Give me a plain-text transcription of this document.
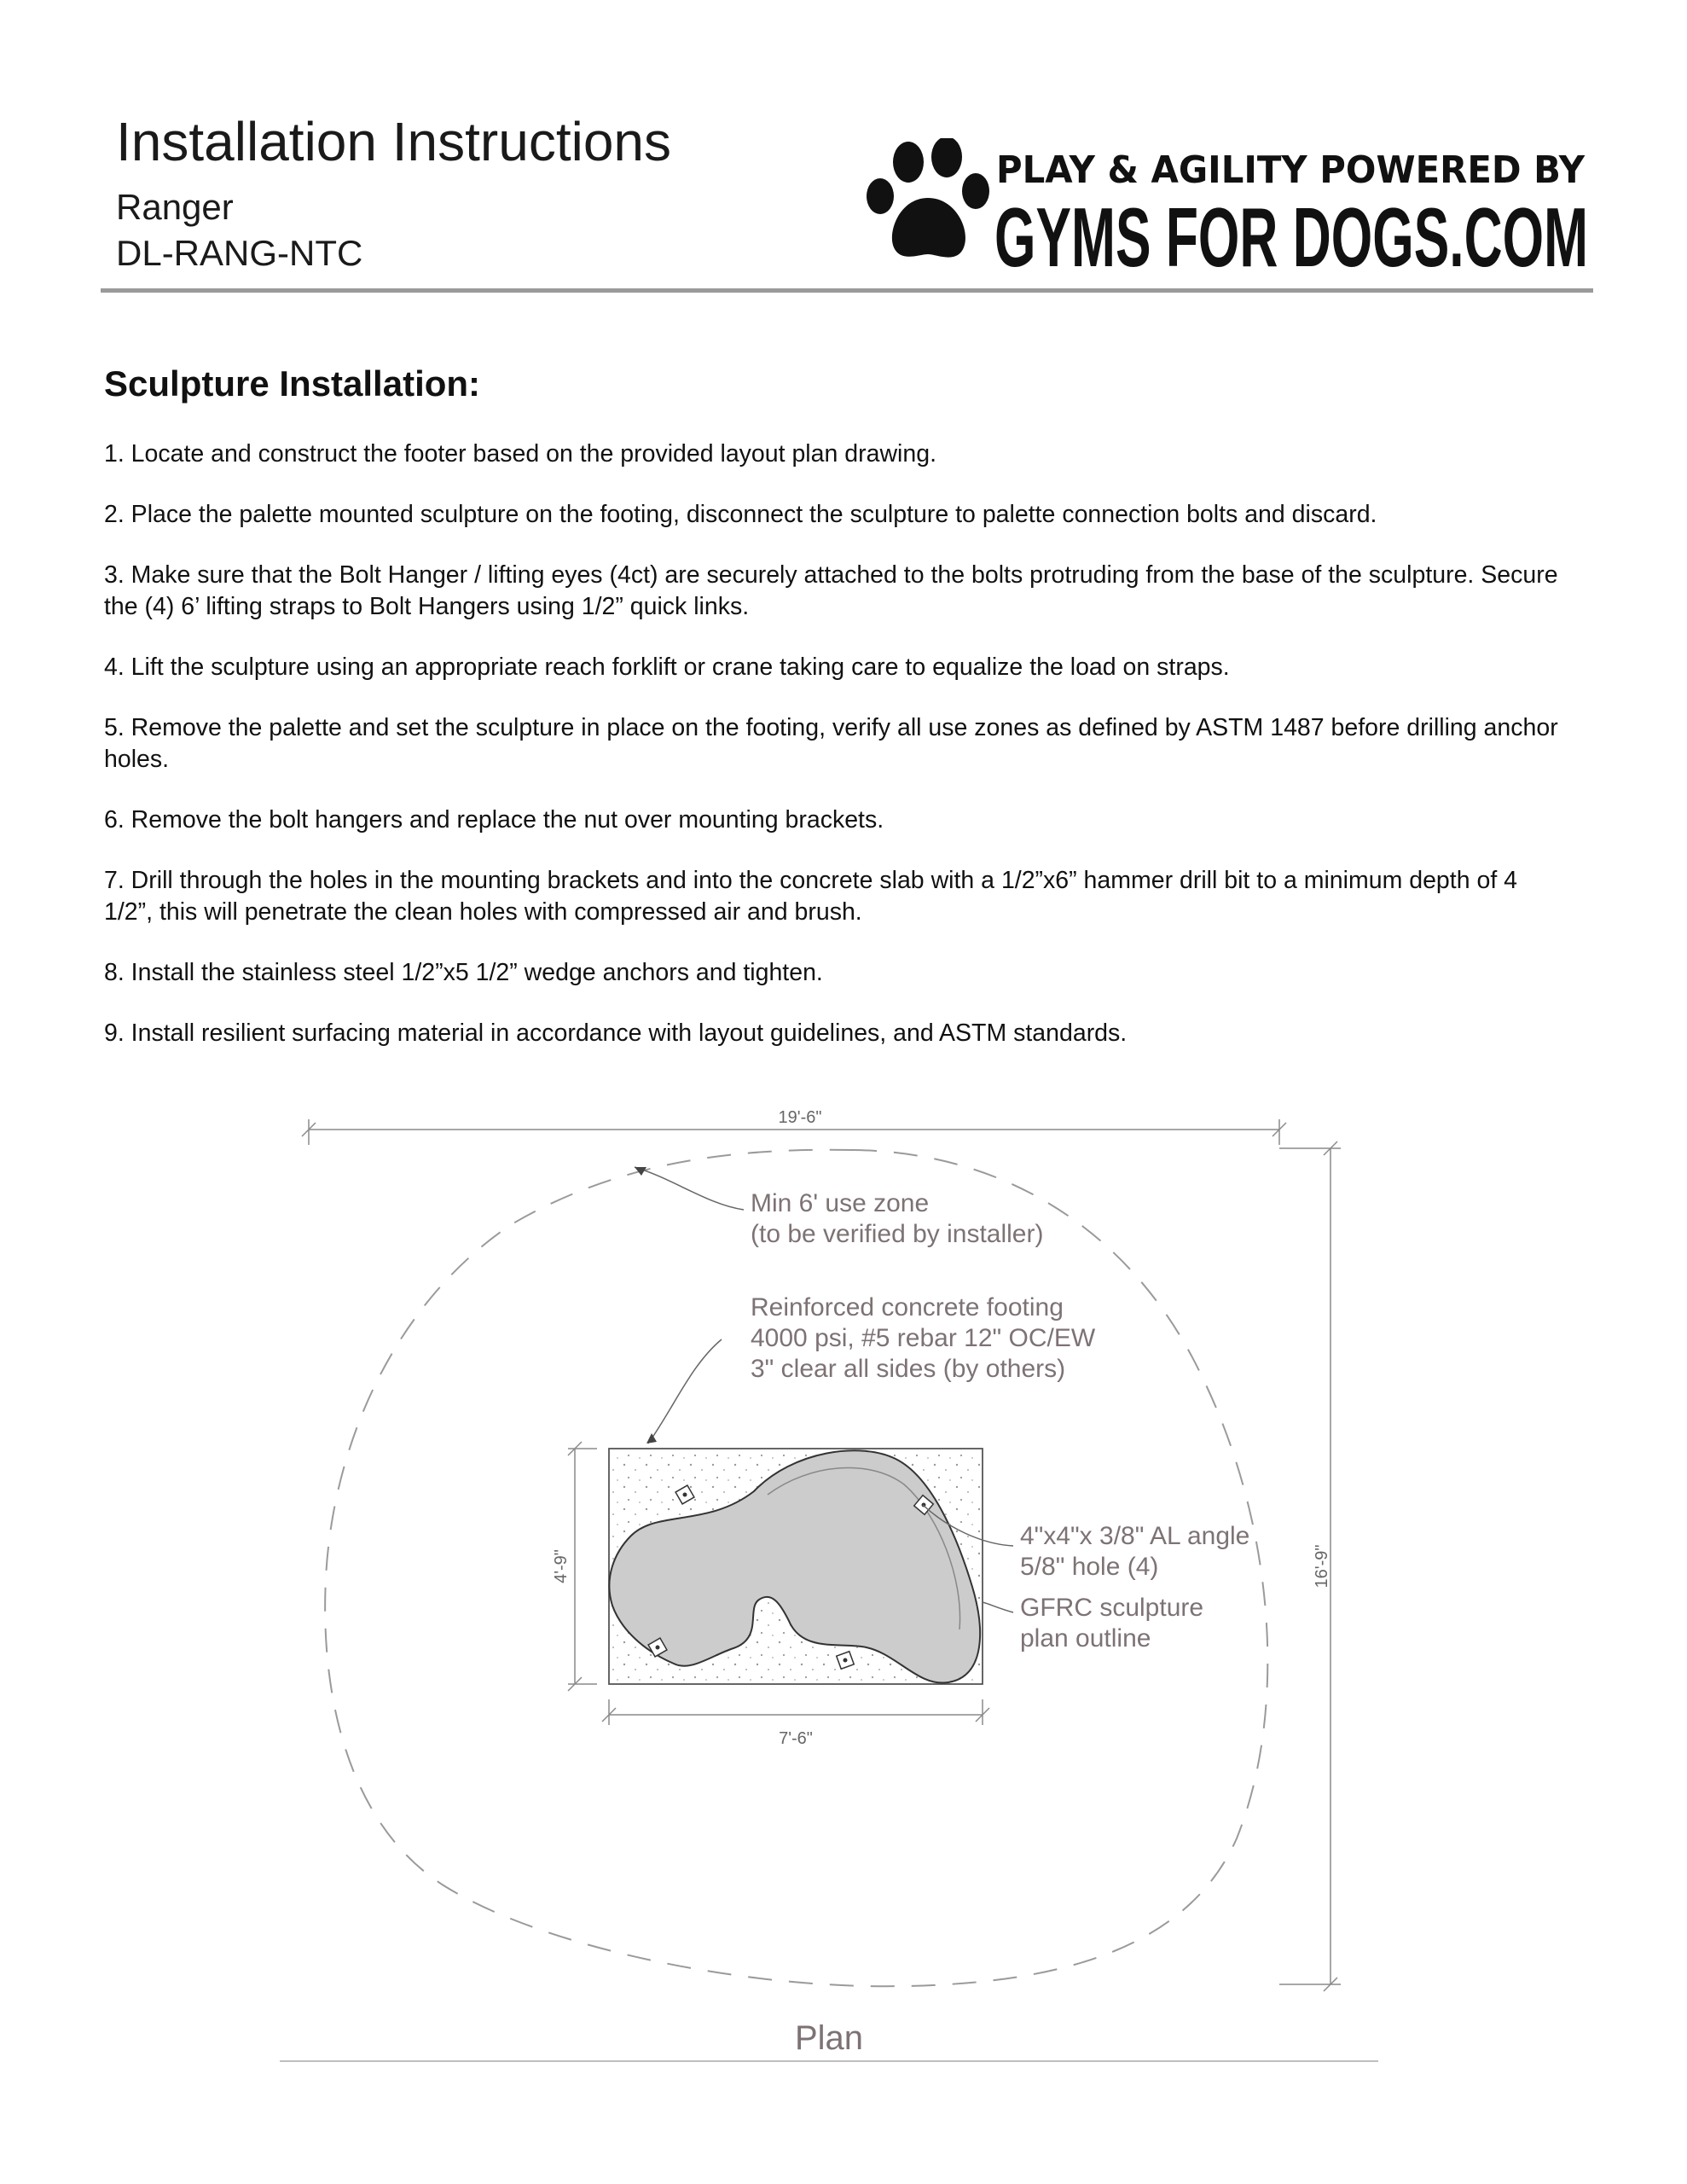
Installation Instructions
Ranger
DL-RANG-NTC
PLAY & AGILITY POWERED BY
GYMS FOR DOGS.COM
Sculpture Installation:
1. Locate and construct the footer based on the provided layout plan drawing.
2. Place the palette mounted sculpture on the footing, disconnect the sculpture to palette connection bolts and discard.
3. Make sure that the Bolt Hanger / lifting eyes (4ct) are securely attached to the bolts protruding from the base of the sculpture. Secure the (4) 6’ lifting straps to Bolt Hangers using 1/2” quick links.
4. Lift the sculpture using an appropriate reach forklift or crane taking care to equalize the load on straps.
5. Remove the palette and set the sculpture in place on the footing, verify all use zones as defined by ASTM 1487 before drilling anchor holes.
6. Remove the bolt hangers and replace the nut over mounting brackets.
7. Drill through the holes in the mounting brackets and into the concrete slab with a 1/2”x6” hammer drill bit to a minimum depth of 4 1/2”, this will penetrate the clean holes with compressed air and brush.
8. Install the stainless steel 1/2”x5 1/2” wedge anchors and tighten.
9. Install resilient surfacing material in accordance with layout guidelines, and ASTM standards.
19'-6"
16'-9"
4'-9"
7'-6"
Min 6' use zone
(to be verified by installer)
Reinforced concrete footing
4000 psi, #5 rebar 12" OC/EW
3" clear all sides (by others)
4"x4"x 3/8" AL angle
5/8" hole (4)
GFRC sculpture
plan outline
Plan
